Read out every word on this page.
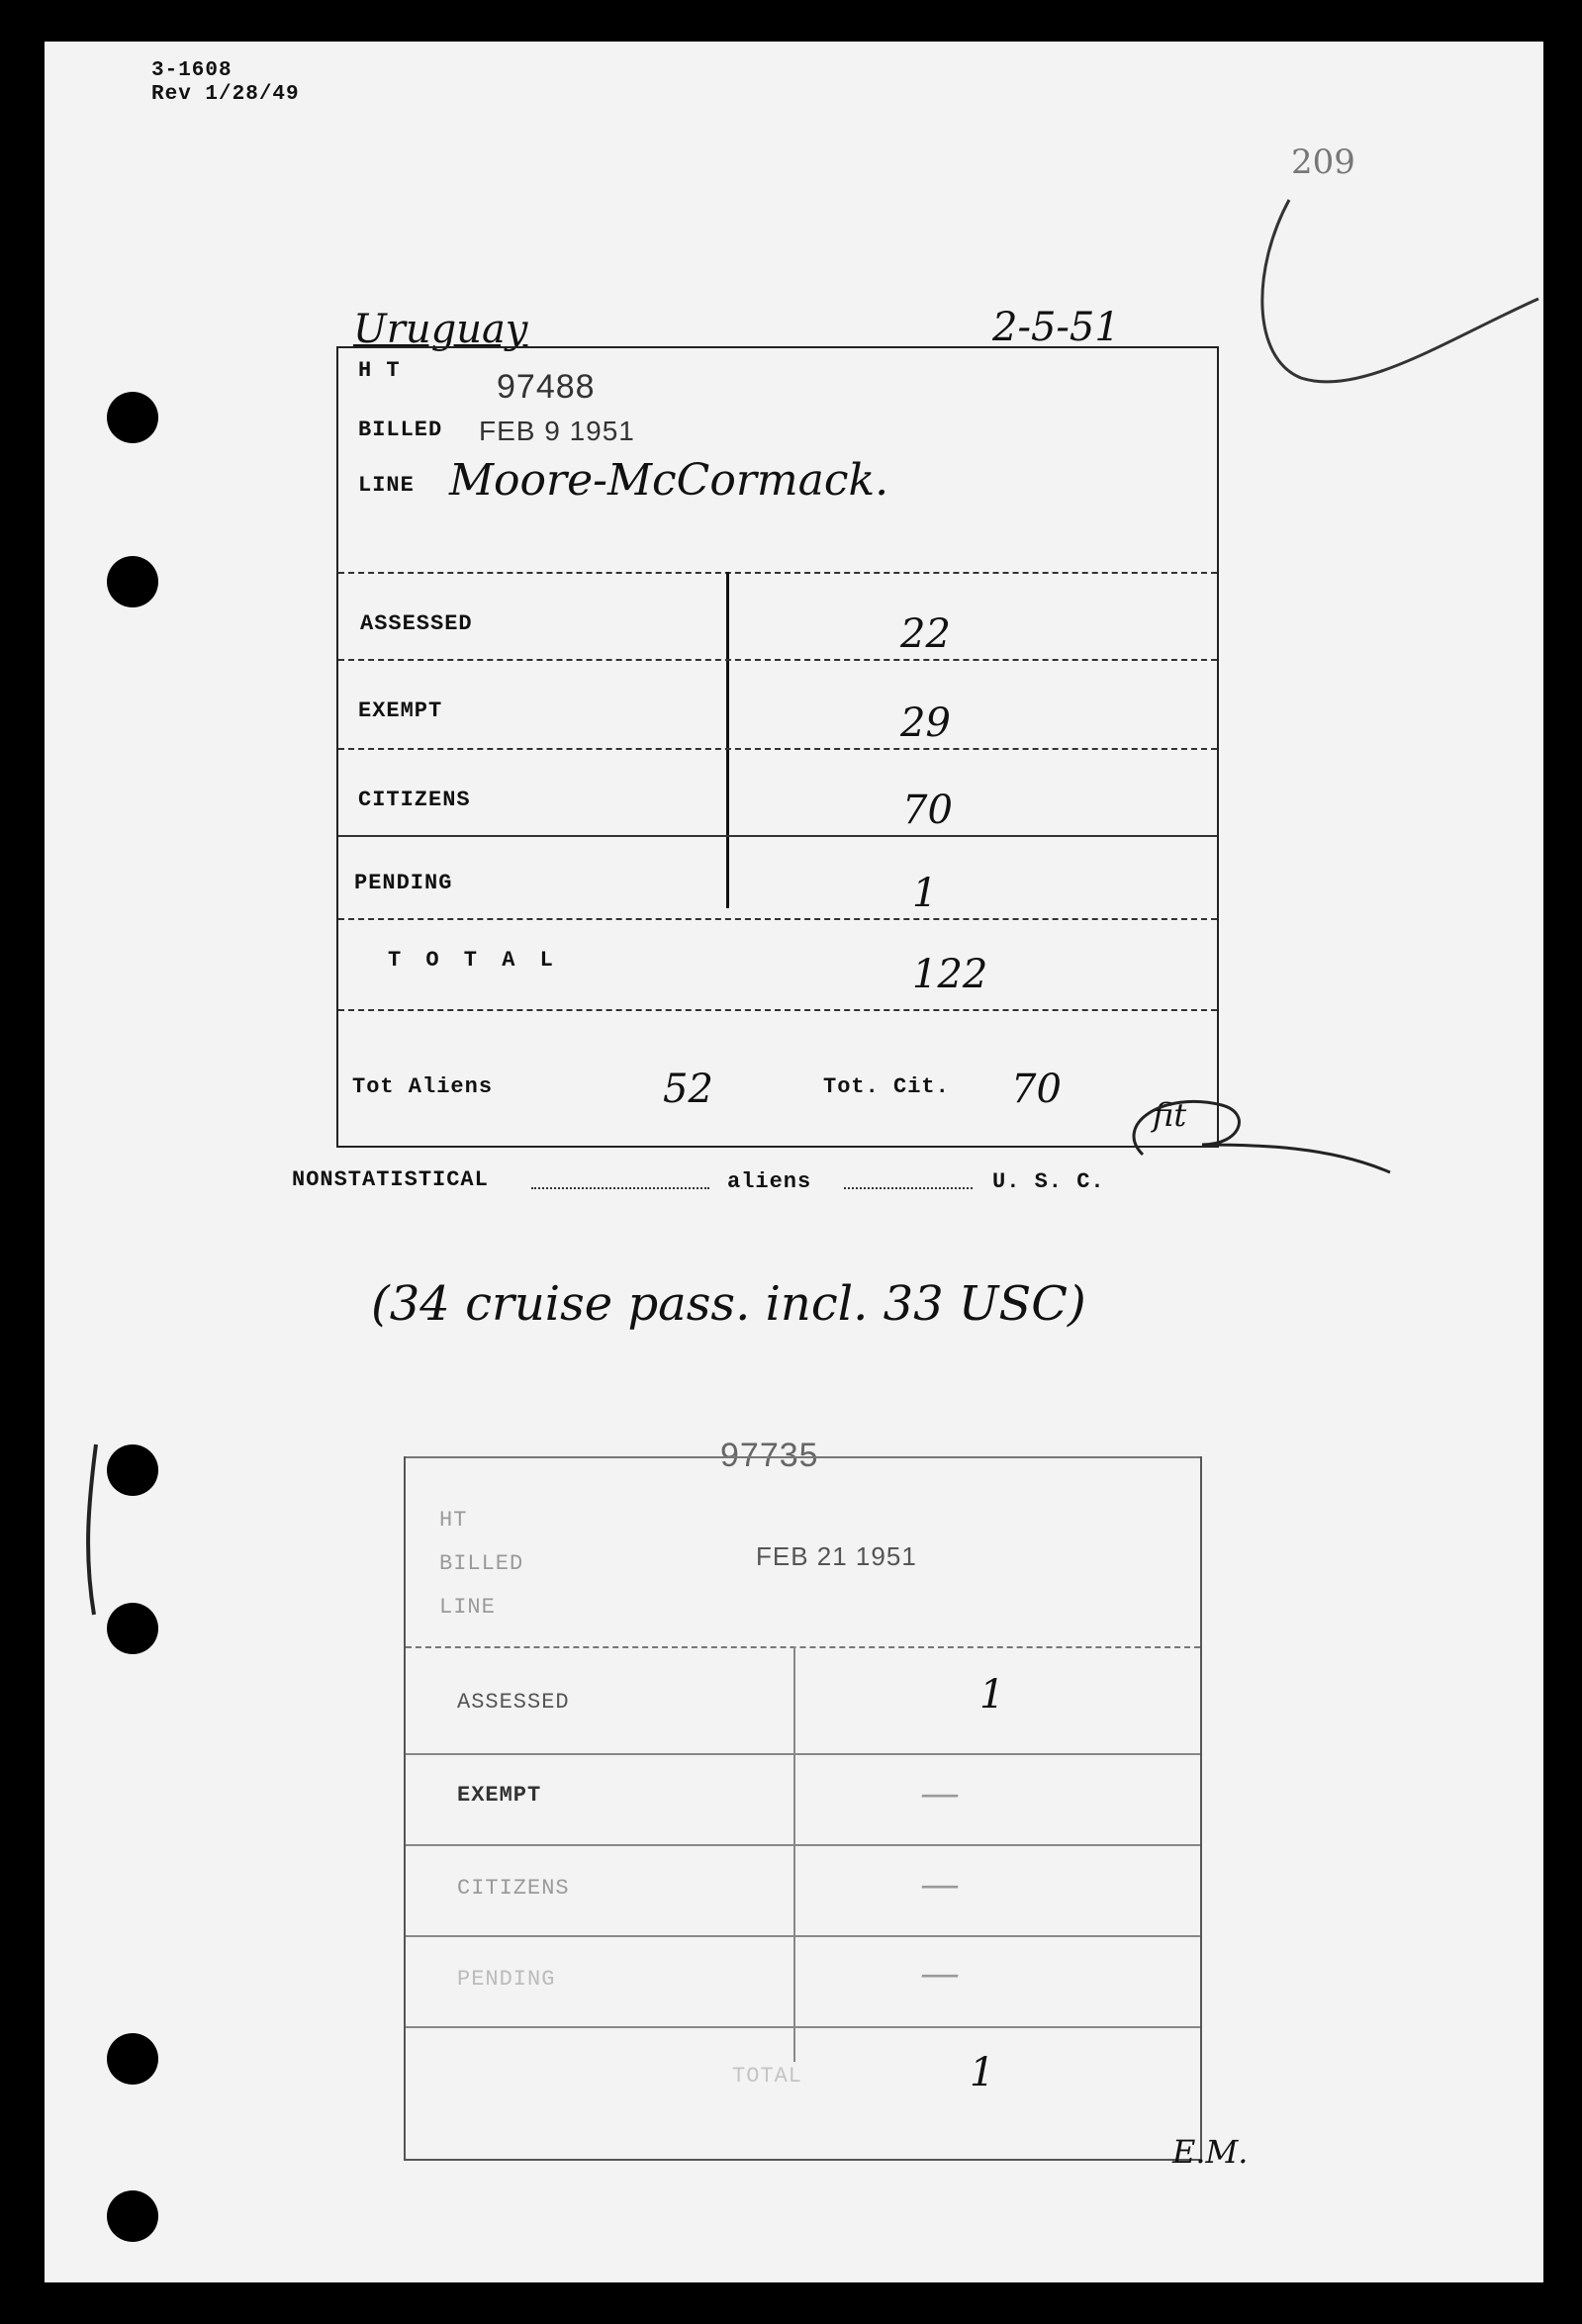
3-1608
Rev 1/28/49
209
Uruguay	2-5-51
H T	97488
BILLED FEB 9 1951
LINE Moore-McCormack.
ASSESSED	22
EXEMPT	29
CITIZENS	70
PENDING	1
T O T A L	122
Tot Aliens	52	Tot. Cit. 70
fit
NONSTATISTICAL	aliens	U. S. C.
(34 cruise pass. incl. 33 USC)
97735
HT
BILLED	FEB 21 1951
LINE
ASSESSED	1
EXEMPT	—
CITIZENS	—
PENDING	—
TOTAL	1
E.M.
